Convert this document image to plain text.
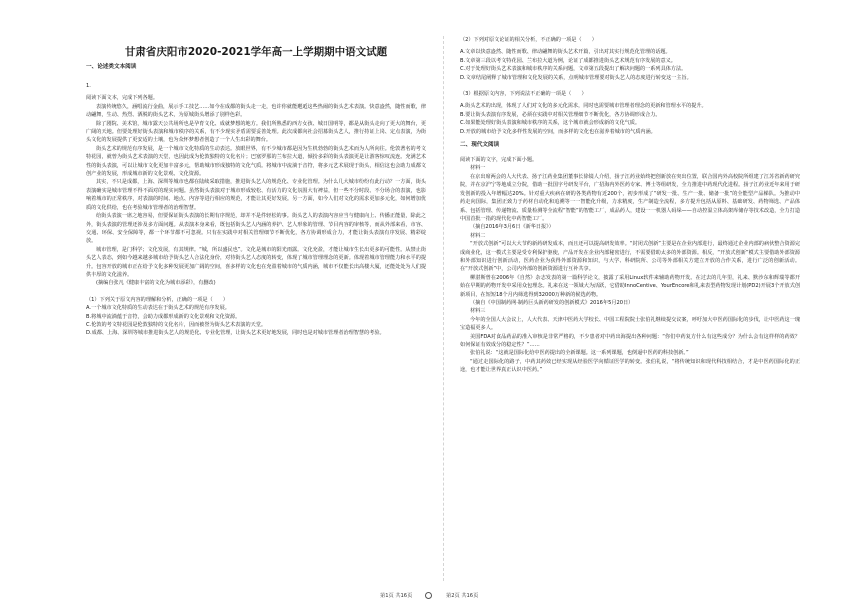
甘肃省庆阳市2020-2021学年高一上学期期中语文试题
一、论述类文本阅读

1.

阅读下面文本，完成下列各题。

表演传统悠久，涵唱流行金曲，展示手工技艺……如今在成都的街头走一走，也许你就能邂逅这些热闹的街头艺术表演。快意盎然，随性而歌，律动翩舞，生动、热烈、洒脱的街头艺术，为原城街头增添了别样色彩。

除了剧院、美术馆，城市露天公共场所也是孕育文化、成就梦想的地方。我们所熟悉的西方女孩、城日国明等，都是从街头走向了更大的舞台，更广阔的天地。但要处理好街头表演和城市秩序的关系，有不少现实矛盾需要妥善处理。此次成都向社会招募街头艺人，推行持证上岗、定点表演，为街头文化的发展提供了更安适的土壤，也为众怀梦想者创造了一个人生出彩的舞台。

街头艺术的规范有序发展，是一个城市文化特质的生动表达。放眼世界，有不少城市都是因为生机勃勃的街头艺术而为人所向往。伦敦著名的考文特花园，就曾为街头艺术表演的天堂，也因此成为伦敦独特的文化名片；巴塞罗那的兰布拉大道，倾扮多彩的街头表演更是让游客惊叹流连。充满艺术性的街头表演，可以让城市文化更加丰富多元，帮助城市形成独特的文化气质。将城市中流淌于音符，将多元艺术展现于街头，相信这也会助力成都文创产业的发展，形成城市新的文化景观、文化资源。

其实，不只是成都，上海、深圳等城市也都在陆续采取措施，推进街头艺人的规范化、专业化管理。为什么几大城市纷纷有此行动？一方面，街头表演确实是城市管理不得不面对的现实问题。虽然街头表演对于城市形成较松、有活力的文化氛围大有裨益，但一些不分时段、不分场合的表演，也影响着城市的正常秩序，对表演的时间、地点、内容等进行相应的规范，才能让其更好发展。另一方面，如今人们对文化的需求更加多元化，如何增加优质的文化供给，也在考验城市管理者的治理智慧。

给街头表演一席之地容易，但要保证街头表演的长期有序规范，却并不是件轻松的事。街头艺人的表演内容应当与健康向上、传播正能量，除此之外，街头表演的管理还涉及多方面问题。从表演本身来看，既包括街头艺人内涵的养护、艺人形象的管理、节目内容的审核等，而从外部来看，市容、交通、环保、安全保障等，都一个环节都不可忽视。只有在实践中对相关管理细节不断优化，各方协调形成合力，才能让街头表演有序发展、精彩绽放。

城市管理，是门科学；文化发展，有其规律。“城，所以盛民也”。文化是城市的阳光雨露。文化充盈，才能让城市生长出更多的可能性。从禁止街头艺人表态，到如今越来越多城市给予街头艺人合法化身份，对待街头艺人态度的转变，体现了城市管理理念的更新。体现着城市管理能力和水平的提升。包容开放的城市正在给予文化多种发展更加广阔的空间，喜多样的文化也在充盈着城市的气质内涵，城市不仅能长出高楼大厦，还能处处为人们提供丰厚的文化滋养。

(摘编自张凡《健康丰富的文化为城市添彩》，有删改)

（1）下列关于原文内容的理解和分析，正确的一项是（　　）

A.一个城市文化特质的生动表达在于街头艺术的规范有序发展。

B.将城中流淌蕴于音符，会助力成都形成新的文化景观和文化资源。

C.伦敦的考文特花园是伦敦独特的文化名片，因而被誉为街头艺术表演的天堂。

D.成都、上海、深圳等城市推进街头艺人的规范化、专业化管理，让街头艺术更好地发展，同时也是对城市管理者治理智慧的考验。

（2）下列对原文论证的相关分析，不正确的一项是（　　）

A.文章以快意盎然、随性而歌、律动翩舞的街头艺术开篇，引出对其实行规范化管理的话题。

B.文章第三段以考文特花园、兰布拉大道为例，论证了成都推进街头艺术规范有序发展的意义。

C.对于处理好街头艺术表演和城市秩序的关系问题，文章第五段提出了解决问题的一系列具体方法。

D.文章结尾阐释了城市管理和文化发展的关系，点明城市管理要对街头艺人的态度进行转变这一主旨。

（3）根据原文内容，下列说法不正确的一项是（　　）

A.街头艺术的出现，体现了人们对文化的多元化需求，同时也需要城市管理者理念的更新和管理水平的提升。

B.要让街头表演有序发展，必须在实践中对相关管理细节不断优化，各方协调形成合力。

C.如果能处理好街头表演和城市秩序的关系，这个城市就会形成新的文化气质。

D.开放的城市给予文化多样性发展的空间，而多样的文化也在滋养着城市的气质内涵。

二、现代文阅读

阅读下面的文字，完成下面小题。

材料一

在京出席两会的人大代表、扬子江药业集团董事长徐镜人介绍，扬子江药业始终把创新放在突出位置，联合国内外高校院所组建了江苏省新药研究院，并在京沪宁等地成立分院，借助一批国字号研发平台，广招海内外医药专家、博士等组研发，全力推进中药现代化进程。扬子江药业近年来用于研发创新的投入年增幅达20%。针对重大疾病在研的各类药物有近200个，初步形成了“研发一批、生产一批、储备一批”的全能型产品梯队。为推动中药走向国际，集团正致力于药材自动化和追溯等一一智能化升级，力求精度，生产制造全流程，多方提升包括从原料、基础研发、药物筛选、产品体系、包括管理、传递物流、质量检测等全流程“智能”的智能工厂，成品药人，建设一一机器人码垛——自动控温立体高架库储存等技术改造，全力打造中国首批一指的现代化中药智能工厂。

（摘自2016年3月6日《新华日报》）

材料二

“开放式创新”可以大大节约新药研发成本，而且还可以提高研发效率。“封闭式创新”主要是在企业内部进行，最终通过企业内部的病伙整合资源完成商业化，这一模式主要是受专利保护驱使，产品开发在企业内部秘密进行，不需要借助太多的外部资源。相反，“开放式创新”模式主要借助外部资源和外部知识进行创新活动，医药企业为获得外部资源和知识，与大学、科研院所、公司等外部相关方建立开放的合作关系，进行广泛的创新活动。在“开放式创新”中，公司内外部的创新资源进行互补共享。

柳湛斯曾在2006年《自然》杂志发表的第一篇科学论文，披露了采用Linux软件来辅助药物开发。在过去的几年里，礼来、默沙东和辉瑞等都开始在早期的药物开发中采用众包理念。礼来在这一领域大为活跃，它借助InnoCentive、YourEncore和礼来表型药物发现计划(PD2)开展3个开放式创新项目，在短短18个月内筛选得到32000万种新的候选药物。

（摘自《中国制药网·制药巨头新药研发的创新模式》2016年5月20日）

材料三

今年的全国人大会议上，人大代表、天津中医药大学校长、中国工程院院士张伯礼继续提交议案，呼吁加大中医药国际化的步伐，让中医药这一瑰宝造福更多人。

美国FDA对食品药品的准入审核是非常严格的，不少患者对中药出海提出各种问题：“你们中药复方什么有这些成分？为什么会有这样样的药效？如何保证有效成分的稳定性？”……

张伯礼说：“这就是国际化给中医药提出的全新课题。这一系列课题，也倒逼中医药的科技创新。”

“通过走国际化的路子，中药其药效已经实现从经验医学向循证医学的转变。张伯礼说，“将传统知识和现代科技相结合，才是中医药国际化的正途，也才能让世界真正认识中医药。”

第1页 共16页	第2页 共16页
